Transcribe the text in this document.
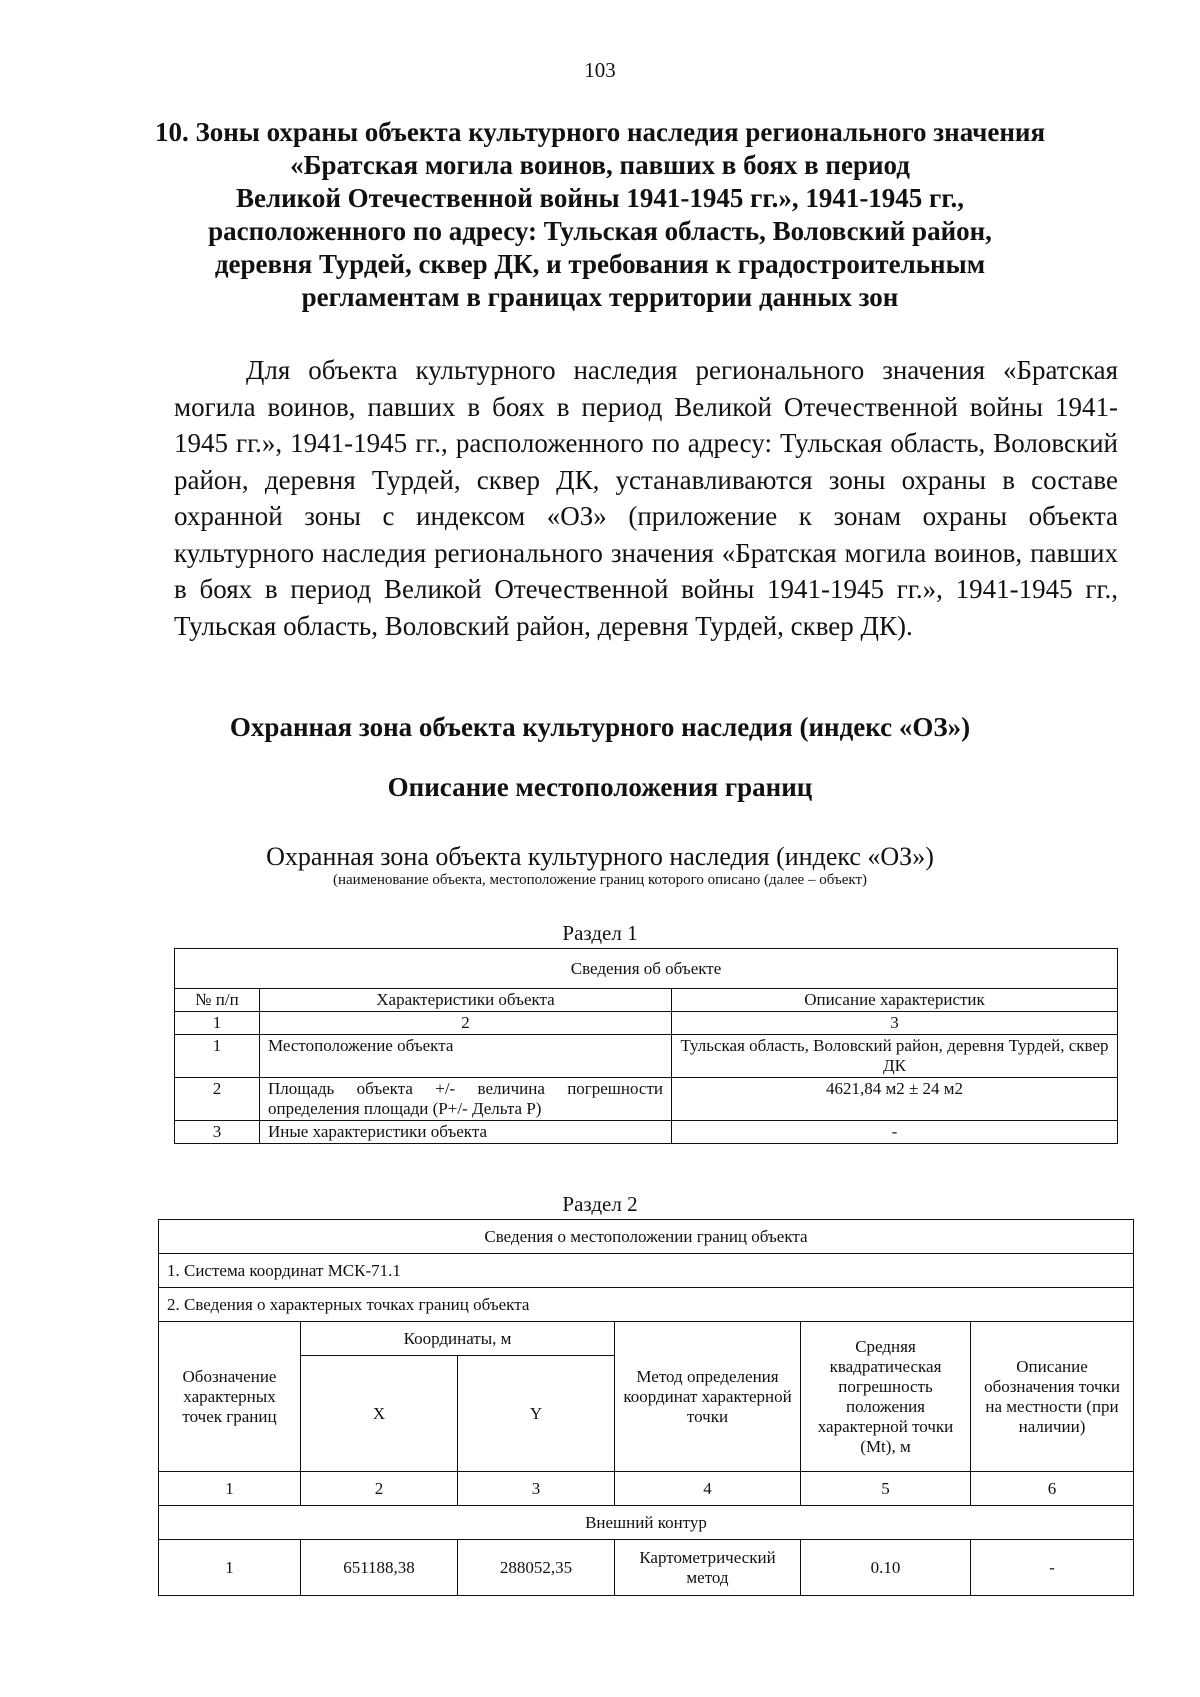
103
10. Зоны охраны объекта культурного наследия регионального значения
«Братская могила воинов, павших в боях в период
Великой Отечественной войны 1941-1945 гг.», 1941-1945 гг.,
расположенного по адресу: Тульская область, Воловский район,
деревня Турдей, сквер ДК, и требования к градостроительным
регламентам в границах территории данных зон

Для объекта культурного наследия регионального значения «Братская могила воинов, павших в боях в период Великой Отечественной войны 1941-1945 гг.», 1941-1945 гг., расположенного по адресу: Тульская область, Воловский район, деревня Турдей, сквер ДК, устанавливаются зоны охраны в составе охранной зоны с индексом «ОЗ» (приложение к зонам охраны объекта культурного наследия регионального значения «Братская могила воинов, павших в боях в период Великой Отечественной войны 1941-1945 гг.», 1941-1945 гг., Тульская область, Воловский район, деревня Турдей, сквер ДК).

Охранная зона объекта культурного наследия (индекс «ОЗ»)
Описание местоположения границ
Охранная зона объекта культурного наследия (индекс «ОЗ»)
(наименование объекта, местоположение границ которого описано (далее – объект)
Раздел 1
Сведения об объекте		
№ п/п	Характеристики объекта	Описание характеристик
1	2	3
1	Местоположение объекта	Тульская область, Воловский район, деревня Турдей, сквер ДК
2	Площадь объекта +/- величина погрешности определения площади (P+/- Дельта P)	4621,84 м2 ± 24 м2
3	Иные характеристики объекта	-
Раздел 2
Сведения о местоположении границ объекта					
1. Система координат МСК-71.1					
2. Сведения о характерных точках границ объекта					
Обозначение характерных точек границ	Координаты, м		Метод определения координат характерной точки	Средняя квадратическая погрешность положения характерной точки (Mt), м	Описание обозначения точки на местности (при наличии)
	X	Y			
1	2	3	4	5	6
Внешний контур					
1	651188,38	288052,35	Картометрический метод	0.10	-
